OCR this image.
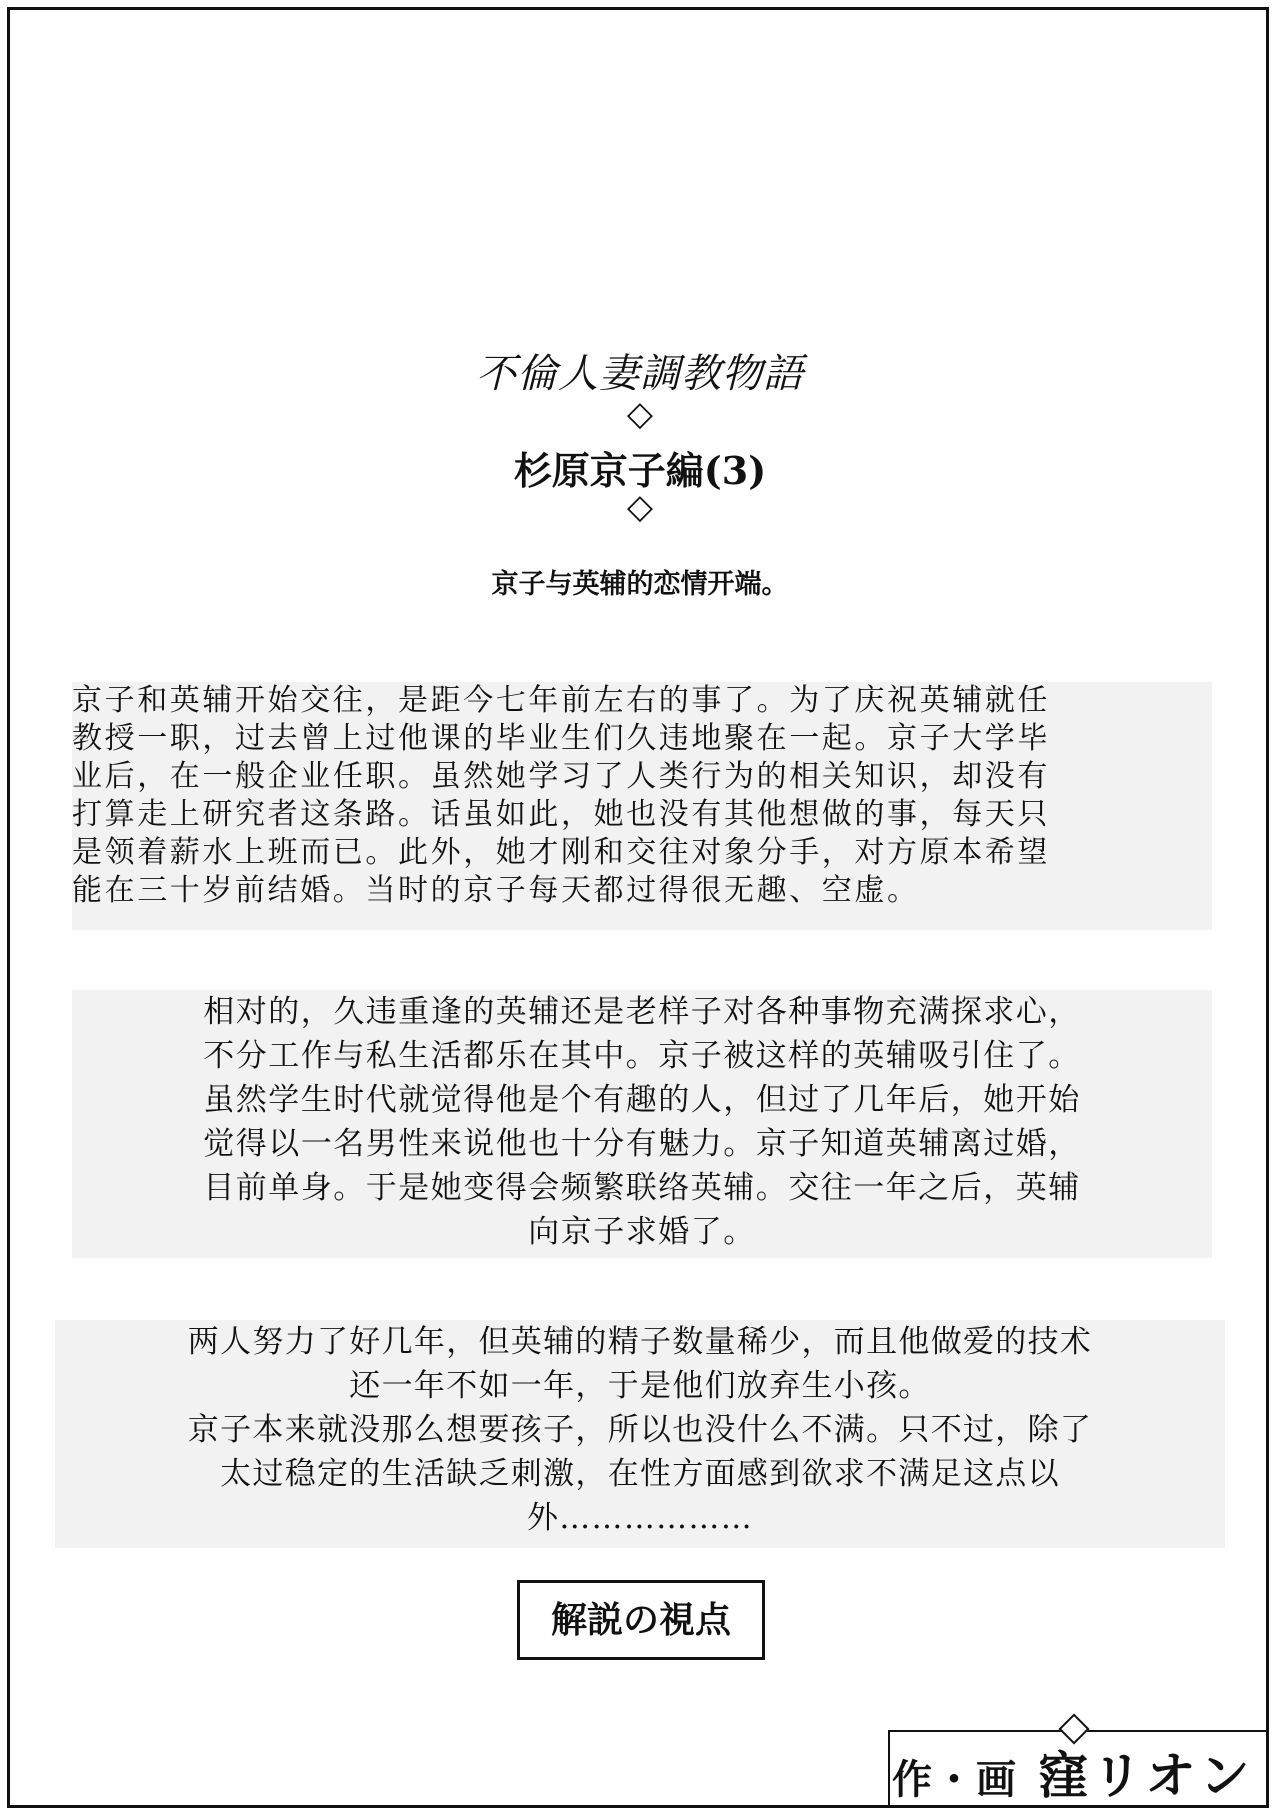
不倫人妻調教物語
◇
杉原京子編(3)
◇

京子与英辅的恋情开端。

京子和英辅开始交往，是距今七年前左右的事了。为了庆祝英辅就任
教授一职，过去曾上过他课的毕业生们久违地聚在一起。京子大学毕
业后，在一般企业任职。虽然她学习了人类行为的相关知识，却没有
打算走上研究者这条路。话虽如此，她也没有其他想做的事，每天只
是领着薪水上班而已。此外，她才刚和交往对象分手，对方原本希望
能在三十岁前结婚。当时的京子每天都过得很无趣、空虚。
相对的，久违重逢的英辅还是老样子对各种事物充满探求心，
不分工作与私生活都乐在其中。京子被这样的英辅吸引住了。
虽然学生时代就觉得他是个有趣的人，但过了几年后，她开始
觉得以一名男性来说他也十分有魅力。京子知道英辅离过婚，
目前单身。于是她变得会频繁联络英辅。交往一年之后，英辅
向京子求婚了。
两人努力了好几年，但英辅的精子数量稀少，而且他做爱的技术
还一年不如一年，于是他们放弃生小孩。
京子本来就没那么想要孩子，所以也没什么不满。只不过，除了
太过稳定的生活缺乏刺激，在性方面感到欲求不满足这点以
外………………
解説の視点
作・画 窪リオン
